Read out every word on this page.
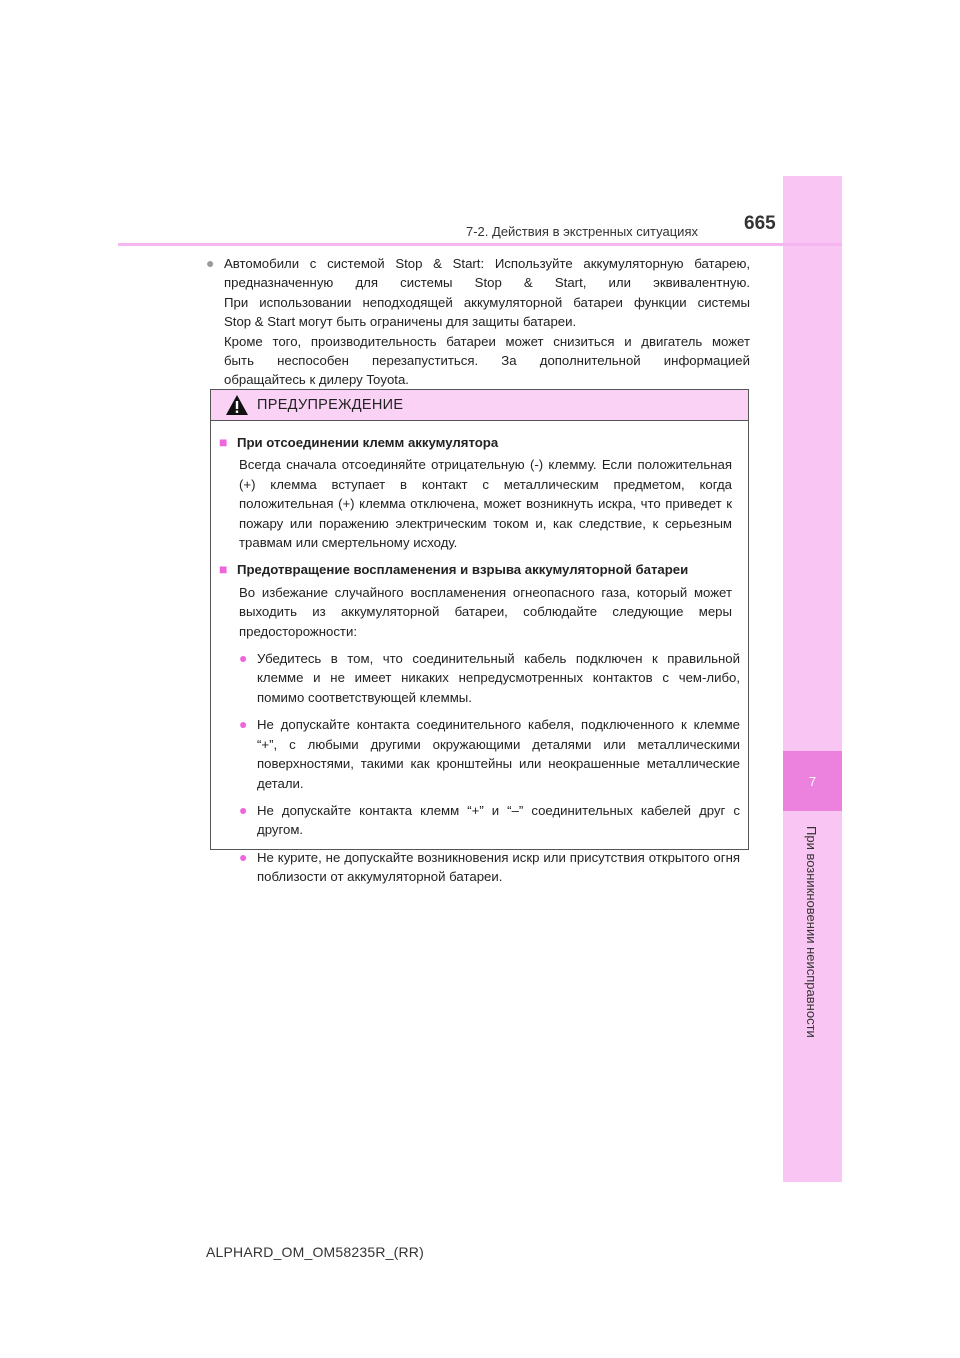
7
При возникновении неисправности
7-2. Действия в экстренных ситуациях 665
● Автомобили с системой Stop & Start: Используйте аккумуляторную батарею,

предназначенную для системы Stop & Start, или эквивалентную.

При использовании неподходящей аккумуляторной батареи функции системы

Stop & Start могут быть ограничены для защиты батареи.

Кроме того, производительность батареи может снизиться и двигатель может

быть неспособен перезапуститься. За дополнительной информацией

обращайтесь к дилеру Toyota.

ПРЕДУПРЕЖДЕНИЕ
■ При отсоединении клемм аккумулятора

Всегда сначала отсоединяйте отрицательную (-) клемму. Если положительная (+) клемма вступает в контакт с металлическим предметом, когда положительная (+) клемма отключена, может возникнуть искра, что приведет к пожару или поражению электрическим током и, как следствие, к серьезным травмам или смертельному исходу.

■ Предотвращение воспламенения и взрыва аккумуляторной батареи

Во избежание случайного воспламенения огнеопасного газа, который может выходить из аккумуляторной батареи, соблюдайте следующие меры предосторожности:

● Убедитесь в том, что соединительный кабель подключен к правильной клемме и не имеет никаких непредусмотренных контактов с чем-либо, помимо соответствующей клеммы.
● Не допускайте контакта соединительного кабеля, подключенного к клемме “+”, с любыми другими окружающими деталями или металлическими поверхностями, такими как кронштейны или неокрашенные металлические детали.
● Не допускайте контакта клемм “+” и “–” соединительных кабелей друг с другом.
● Не курите, не допускайте возникновения искр или присутствия открытого огня поблизости от аккумуляторной батареи.
ALPHARD_OM_OM58235R_(RR)
